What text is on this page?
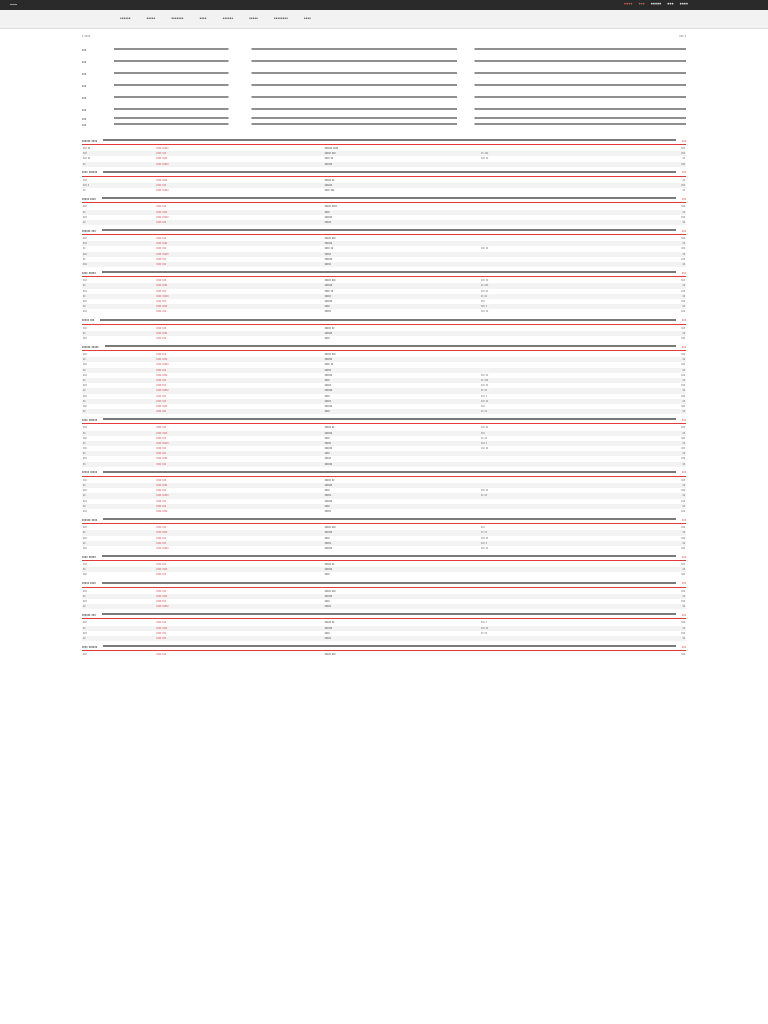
—	•••• ••• ••••• ••• ••••
••••••	•••••	•••••••	••••	••••••	•••••	••••••••	••••
• ••••	••• •
•••
•••
•••
•••
•••
•••
•••
•••
•••••• ••••	•••
••• ••	•••• •••••	•••••• ••••		•••
•••	•••• •••	••••• •••	•• •••	•••
••• ••	•••• ••••	•••• ••	••• ••	••
••	•••• •••••	••••••		•••
•••• ••••••	•••
•••	•••• ••••	••••• ••		••
••• •	•••• •••	••••••		•••
••	•••• •••••	•••• •••		••
••••• ••••	•••
•••	•••• •••	••••• ••••		•••
••	•••• ••••	••••		••
•••	•••• •••••	••••••		•••
••	•••• •••	•••••		••
•••••• •••	•••
•••	•••• •••	••••• •••		•••
•••	•••• ••••	••••••		••
••	•••• •••	•••• ••	••• ••	•••
•••	•••• •••••	•••••		••
••	•••• •••	••••••		•••
•••	•••• •••	•••••		••
•••• •••••	•••
•••	•••• •••	••••• •••	••• ••	•••
••	•••• ••••	••••••	•• •••	••
•••	•••• •••	•••• ••	••• ••	•••
••	•••• •••••	•••••	•• ••	••
•••	•••• •••	••••••	•••	•••
••	•••• ••••	••••	••• •	••
•••	•••• •••	•••••	••• ••	•••
••••• •••	•••
•••	•••• •••	••••• ••		•••
••	•••• ••••	••••••		••
•••	•••• •••	••••		•••
•••••• •••••	•••
•••	•••• •••	••••• •••		•••
••	•••• ••••	••••••		••
•••	•••• •••••	•••• ••		•••
••	•••• •••	•••••		••
•••	•••• ••••	••••••	••• ••	•••
••	•••• •••	••••	•• •••	••
•••	•••• •••	•••••	••• ••	•••
••	•••• •••••	••••••	•• ••	••
•••	•••• •••	••••	••• •	•••
••	•••• •••	•••••	••• ••	••
•••	•••• ••••	••••••	•••	•••
••	•••• •••	••••	•• ••	••
•••• ••••••	•••
•••	•••• •••	••••• ••	••• ••	•••
••	•••• ••••	••••••	•••	••
•••	•••• •••	••••	•• ••	•••
••	•••• •••••	•••••	••• •	••
•••	•••• •••	••••••	••• ••	•••
••	•••• •••	••••		••
•••	•••• ••••	•••••		•••
••	•••• •••	••••••		••
••••• •••••	•••
•••	•••• •••	••••• ••		•••
••	•••• ••••	••••••		••
•••	•••• •••	••••	••• ••	•••
••	•••• •••••	•••••	•• ••	••
•••	•••• •••	••••••		•••
••	•••• •••	••••		••
•••	•••• ••••	•••••		•••
•••••• ••••	•••
•••	•••• •••	••••• •••	•••	•••
••	•••• ••••	••••••	•• ••	••
•••	•••• •••	••••	••• ••	•••
••	•••• •••	•••••	••• •	••
•••	•••• •••••	••••••	••• ••	•••
•••• •••••	•••
•••	•••• •••	••••• ••		•••
••	•••• ••••	••••••		••
•••	•••• •••	••••		•••
••••• ••••	•••
•••	•••• •••	••••• •••		•••
••	•••• ••••	••••••		••
•••	•••• •••	••••		•••
••	•••• •••••	•••••		••
•••••• •••	•••
•••	•••• •••	••••• ••	••• •	•••
••	•••• ••••	••••••	••• ••	••
•••	•••• •••	••••	•• ••	•••
••	•••• •••	•••••		••
•••• ••••••	•••
•••	•••• •••	••••• •••		•••
